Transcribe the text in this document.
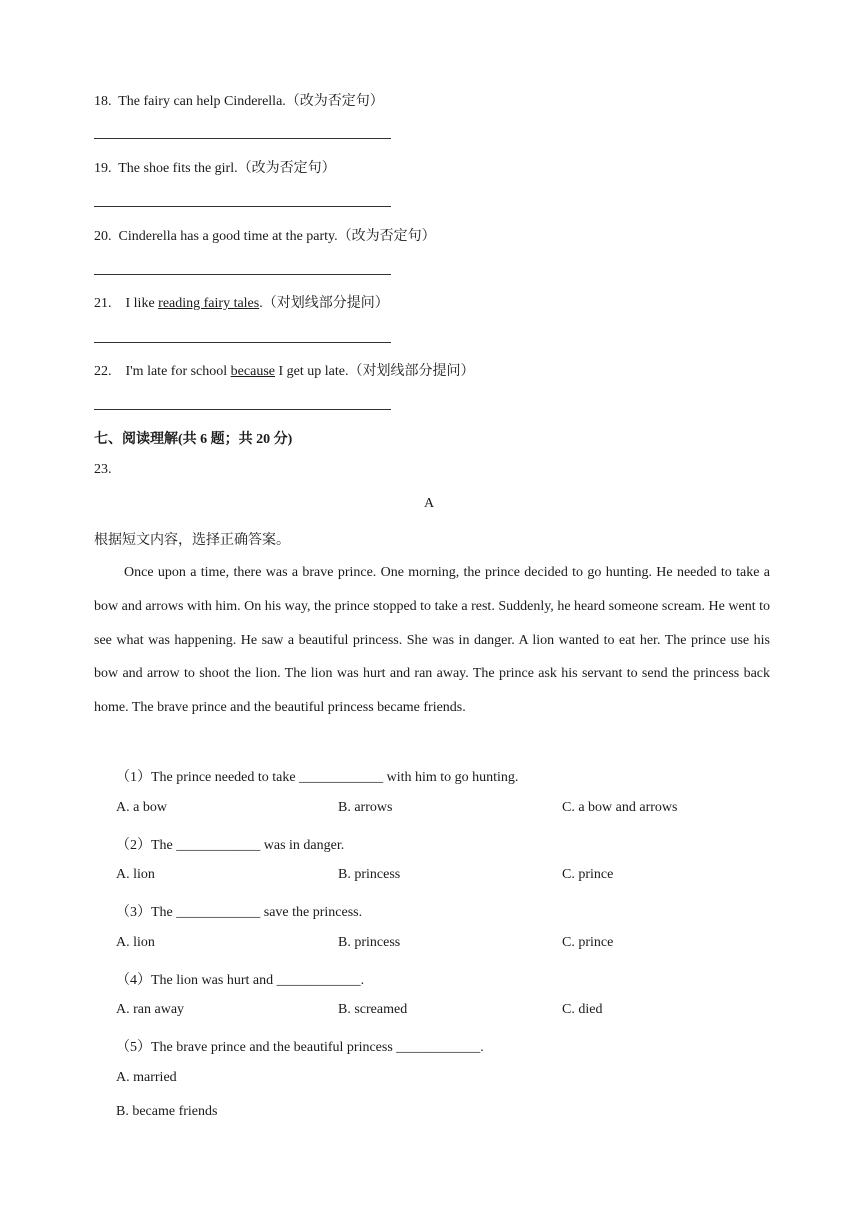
18. The fairy can help Cinderella.（改为否定句）
19. The shoe fits the girl.（改为否定句）
20. Cinderella has a good time at the party.（改为否定句）
21. I like reading fairy tales.（对划线部分提问）
22. I'm late for school because I get up late.（对划线部分提问）
七、阅读理解(共 6 题；共 20 分)
23.
A
根据短文内容，选择正确答案。
Once upon a time, there was a brave prince. One morning, the prince decided to go hunting. He needed to take a bow and arrows with him. On his way, the prince stopped to take a rest. Suddenly, he heard someone scream. He went to see what was happening. He saw a beautiful princess. She was in danger. A lion wanted to eat her. The prince use his bow and arrow to shoot the lion. The lion was hurt and ran away. The prince ask his servant to send the princess back home. The brave prince and the beautiful princess became friends.
（1）The prince needed to take ____________ with him to go hunting.
A. a bow	B. arrows	C. a bow and arrows
（2）The ____________ was in danger.
A. lion	B. princess	C. prince
（3）The ____________ save the princess.
A. lion	B. princess	C. prince
（4）The lion was hurt and ____________.
A. ran away	B. screamed	C. died
（5）The brave prince and the beautiful princess ____________.
A. married
B. became friends
